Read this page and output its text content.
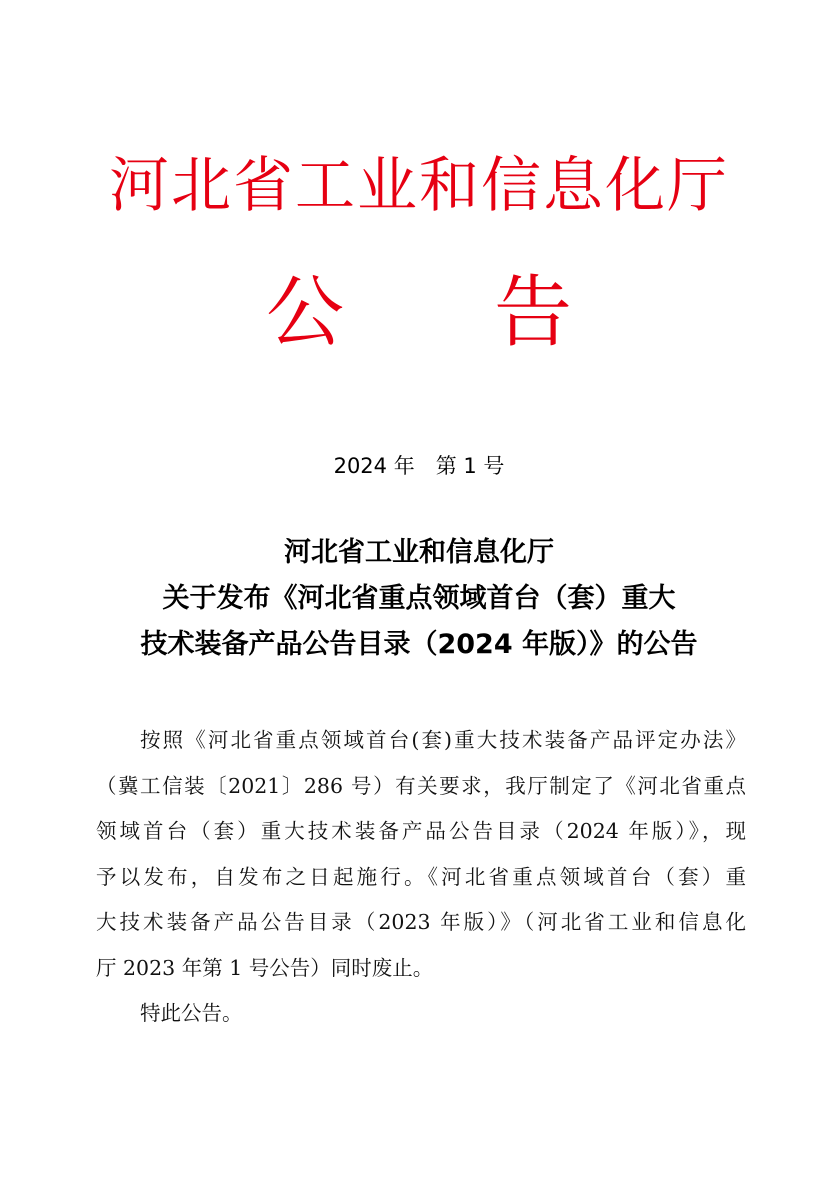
河北省工业和信息化厅
公 告
2024 年　第 1 号
河北省工业和信息化厅
关于发布《河北省重点领域首台（套）重大
技术装备产品公告目录（2024 年版）》的公告
按照《河北省重点领域首台(套)重大技术装备产品评定办法》
（冀工信装〔2021〕286 号）有关要求，我厅制定了《河北省重点
领域首台（套）重大技术装备产品公告目录（2024 年版）》，现
予以发布，自发布之日起施行。《河北省重点领域首台（套）重
大技术装备产品公告目录（2023 年版）》（河北省工业和信息化
厅 2023 年第 1 号公告）同时废止。
特此公告。
